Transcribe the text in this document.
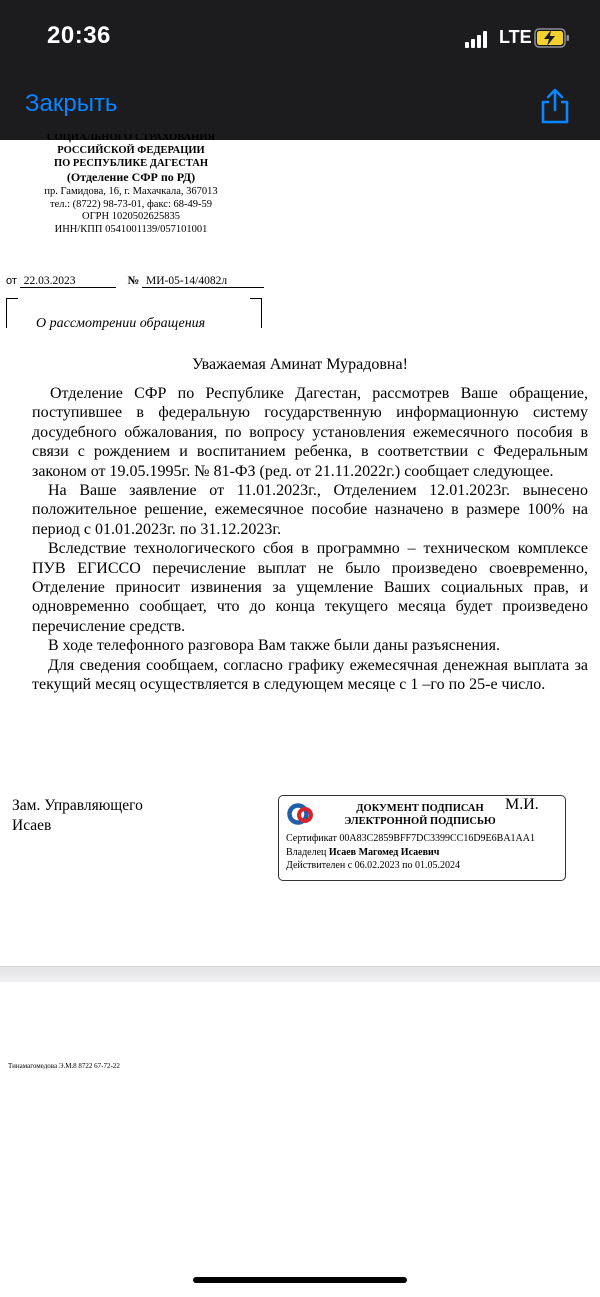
20:36	LTE
Закрыть RAMAZANOVA_A.M._EDIN...
СОЦИАЛЬНОГО СТРАХОВАНИЯ
РОССИЙСКОЙ ФЕДЕРАЦИИ
ПО РЕСПУБЛИКЕ ДАГЕСТАН
(Отделение СФР по РД)
пр. Гамидова, 16, г. Махачкала, 367013
тел.: (8722) 98-73-01, факс: 68-49-59
ОГРН 1020502625835
ИНН/КПП 0541001139/057101001
от 22.03.2023	№ МИ-05-14/4082л
О рассмотрении обращения
Уважаемая Аминат Мурадовна!

Отделение СФР по Республике Дагестан, рассмотрев Ваше обращение, поступившее в федеральную государственную информационную систему досудебного обжалования, по вопросу установления ежемесячного пособия в связи с рождением и воспитанием ребенка, в соответствии с Федеральным законом от 19.05.1995г. № 81-ФЗ (ред. от 21.11.2022г.) сообщает следующее.

На Ваше заявление от 11.01.2023г., Отделением 12.01.2023г. вынесено положительное решение, ежемесячное пособие назначено в размере 100% на период с 01.01.2023г. по 31.12.2023г.

Вследствие технологического сбоя в программно – техническом комплексе ПУВ ЕГИССО перечисление выплат не было произведено своевременно, Отделение приносит извинения за ущемление Ваших социальных прав, и одновременно сообщает, что до конца текущего месяца будет произведено перечисление средств.

В ходе телефонного разговора Вам также были даны разъяснения.

Для сведения сообщаем, согласно графику ежемесячная денежная выплата за текущий месяц осуществляется в следующем месяце с 1 –го по 25-е число.

Зам. Управляющего
Исаев
ДОКУМЕНТ ПОДПИСАН
ЭЛЕКТРОННОЙ ПОДПИСЬЮ
М.И.
Сертификат 00A83C2859BFF7DC3399CC16D9E6BA1AA1
Владелец Исаев Магомед Исаевич
Действителен с 06.02.2023 по 01.05.2024
Тинамагомедова Э.М.8 8722 67-72-22
